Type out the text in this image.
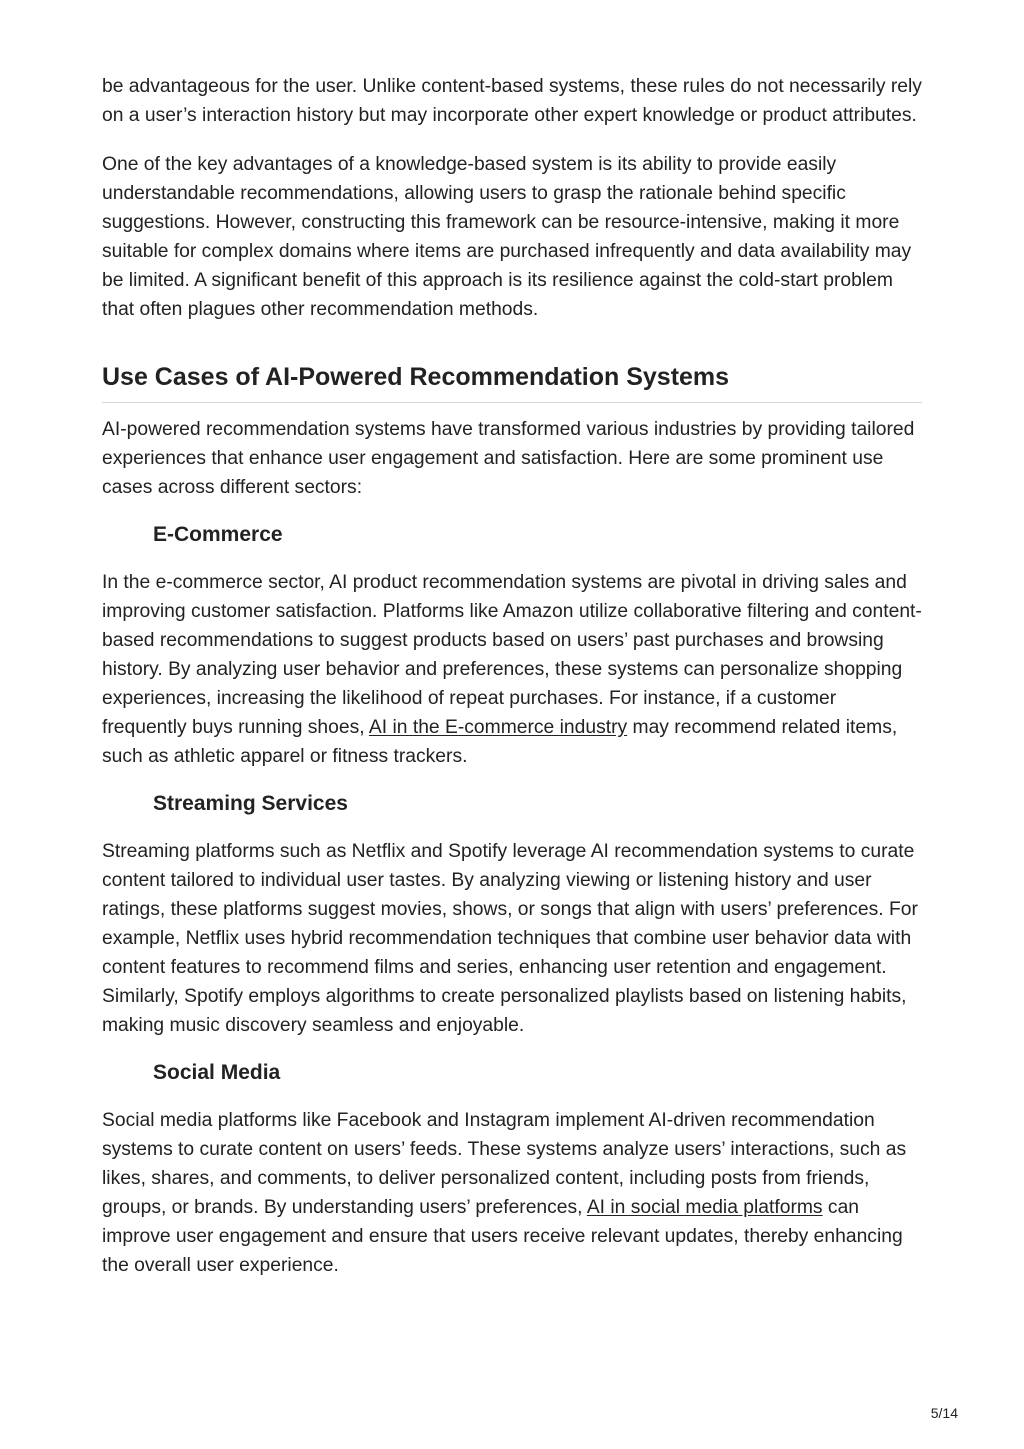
be advantageous for the user. Unlike content-based systems, these rules do not necessarily rely on a user’s interaction history but may incorporate other expert knowledge or product attributes.

One of the key advantages of a knowledge-based system is its ability to provide easily understandable recommendations, allowing users to grasp the rationale behind specific suggestions. However, constructing this framework can be resource-intensive, making it more suitable for complex domains where items are purchased infrequently and data availability may be limited. A significant benefit of this approach is its resilience against the cold-start problem that often plagues other recommendation methods.

Use Cases of AI-Powered Recommendation Systems

AI-powered recommendation systems have transformed various industries by providing tailored experiences that enhance user engagement and satisfaction. Here are some prominent use cases across different sectors:

E-Commerce

In the e-commerce sector, AI product recommendation systems are pivotal in driving sales and improving customer satisfaction. Platforms like Amazon utilize collaborative filtering and content-based recommendations to suggest products based on users’ past purchases and browsing history. By analyzing user behavior and preferences, these systems can personalize shopping experiences, increasing the likelihood of repeat purchases. For instance, if a customer frequently buys running shoes, AI in the E-commerce industry may recommend related items, such as athletic apparel or fitness trackers.

Streaming Services

Streaming platforms such as Netflix and Spotify leverage AI recommendation systems to curate content tailored to individual user tastes. By analyzing viewing or listening history and user ratings, these platforms suggest movies, shows, or songs that align with users’ preferences. For example, Netflix uses hybrid recommendation techniques that combine user behavior data with content features to recommend films and series, enhancing user retention and engagement. Similarly, Spotify employs algorithms to create personalized playlists based on listening habits, making music discovery seamless and enjoyable.

Social Media

Social media platforms like Facebook and Instagram implement AI-driven recommendation systems to curate content on users’ feeds. These systems analyze users’ interactions, such as likes, shares, and comments, to deliver personalized content, including posts from friends, groups, or brands. By understanding users’ preferences, AI in social media platforms can improve user engagement and ensure that users receive relevant updates, thereby enhancing the overall user experience.

5/14
